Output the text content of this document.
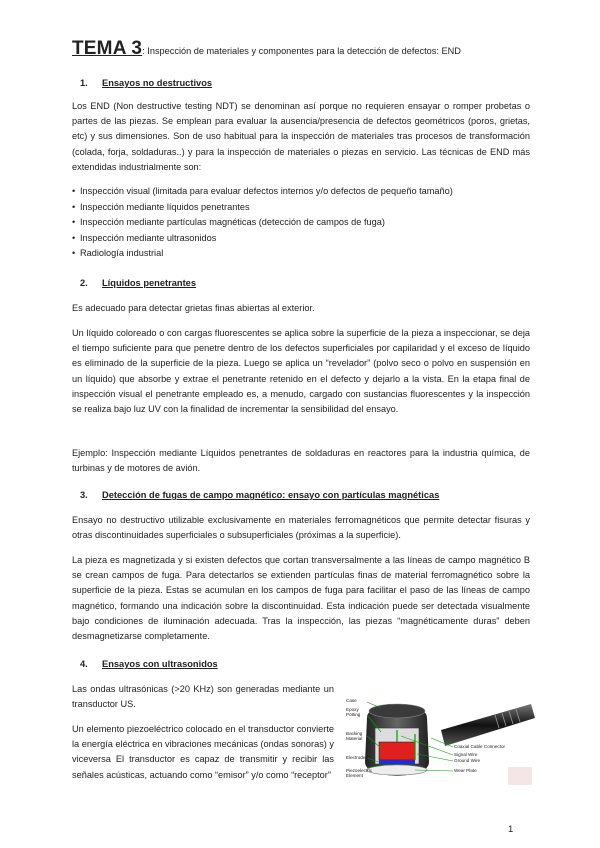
TEMA 3: Inspección de materiales y componentes para la detección de defectos: END
1. Ensayos no destructivos

Los END (Non destructive testing NDT) se denominan así porque no requieren ensayar o romper probetas o partes de las piezas. Se emplean para evaluar la ausencia/presencia de defectos geométricos (poros, grietas, etc) y sus dimensiones. Son de uso habitual para la inspección de materiales tras procesos de transformación (colada, forja, soldaduras..) y para la inspección de materiales o piezas en servicio. Las técnicas de END más extendidas industrialmente son:

• Inspección visual (limitada para evaluar defectos internos y/o defectos de pequeño tamaño)
• Inspección mediante líquidos penetrantes
• Inspección mediante partículas magnéticas (detección de campos de fuga)
• Inspección mediante ultrasonidos
• Radiología industrial
2. Líquidos penetrantes

Es adecuado para detectar grietas finas abiertas al exterior.

Un líquido coloreado o con cargas fluorescentes se aplica sobre la superficie de la pieza a inspeccionar, se deja el tiempo suficiente para que penetre dentro de los defectos superficiales por capilaridad y el exceso de líquido es eliminado de la superficie de la pieza. Luego se aplica un “revelador” (polvo seco o polvo en suspensión en un líquido) que absorbe y extrae el penetrante retenido en el defecto y dejarlo a la vista. En la etapa final de inspección visual el penetrante empleado es, a menudo, cargado con sustancias fluorescentes y la inspección se realiza bajo luz UV con la finalidad de incrementar la sensibilidad del ensayo.

Ejemplo: Inspección mediante Líquidos penetrantes de soldaduras en reactores para la industria química, de turbinas y de motores de avión.

3. Detección de fugas de campo magnético: ensayo con partículas magnéticas

Ensayo no destructivo utilizable exclusivamente en materiales ferromagnéticos que permite detectar fisuras y otras discontinuidades superficiales o subsuperficiales (próximas a la superficie).

La pieza es magnetizada y si existen defectos que cortan transversalmente a las líneas de campo magnético B se crean campos de fuga. Para detectarlos se extienden partículas finas de material ferromagnético sobre la superficie de la pieza. Estas se acumulan en los campos de fuga para facilitar el paso de las líneas de campo magnético, formando una indicación sobre la discontinuidad. Esta indicación puede ser detectada visualmente bajo condiciones de iluminación adecuada. Tras la inspección, las piezas “magnéticamente duras” deben desmagnetizarse completamente.

4. Ensayos con ultrasonidos

Las ondas ultrasónicas (>20 KHz) son generadas mediante un transductor US.

Un elemento piezoeléctrico colocado en el transductor convierte la energía eléctrica en vibraciones mecánicas (ondas sonoras) y viceversa El transductor es capaz de transmitir y recibir las señales acústicas, actuando como “emisor” y/o como “receptor”

Case
Epoxy
Potting
Backing
Material
Electrodes
Piezoelectric
Element
Coaxial Cable Connector
Signal Wire
Ground Wire
Wear Plate
1
